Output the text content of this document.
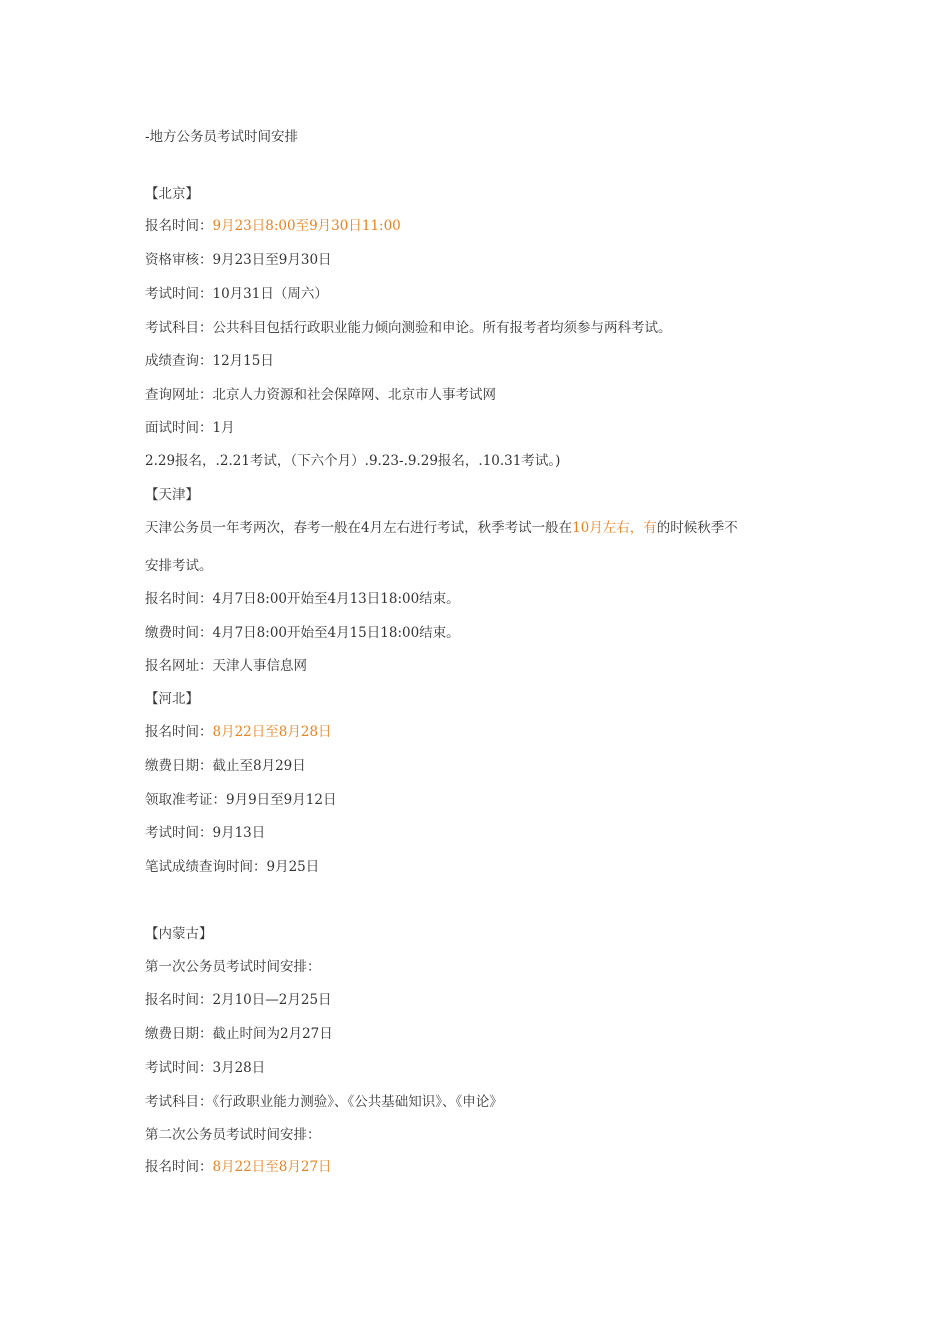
-地方公务员考试时间安排
【北京】
报名时间：9月23日8:00至9月30日11:00
资格审核：9月23日至9月30日
考试时间：10月31日（周六）
考试科目：公共科目包括行政职业能力倾向测验和申论。所有报考者均须参与两科考试。
成绩查询：12月15日
查询网址：北京人力资源和社会保障网、北京市人事考试网
面试时间：1月
2.29报名，.2.21考试，（下六个月）.9.23-.9.29报名，.10.31考试。)
【天津】
天津公务员一年考两次，春考一般在4月左右进行考试，秋季考试一般在10月左右，有的时候秋季不
安排考试。
报名时间：4月7日8:00开始至4月13日18:00结束。
缴费时间：4月7日8:00开始至4月15日18:00结束。
报名网址：天津人事信息网
【河北】
报名时间：8月22日至8月28日
缴费日期：截止至8月29日
领取准考证：9月9日至9月12日
考试时间：9月13日
笔试成绩查询时间：9月25日
【内蒙古】
第一次公务员考试时间安排：
报名时间：2月10日—2月25日
缴费日期：截止时间为2月27日
考试时间：3月28日
考试科目：《行政职业能力测验》、《公共基础知识》、《申论》
第二次公务员考试时间安排：
报名时间：8月22日至8月27日
